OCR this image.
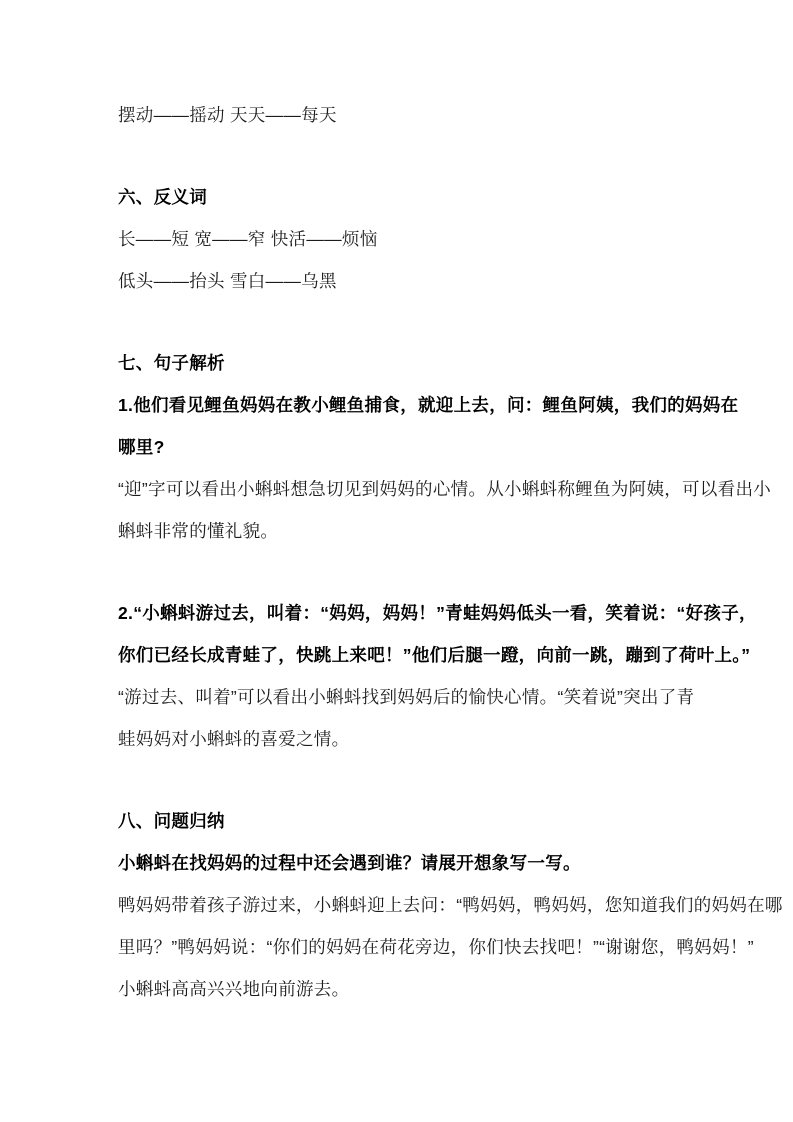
摆动——摇动 天天——每天
六、反义词
长——短 宽——窄 快活——烦恼
低头——抬头 雪白——乌黑
七、句子解析
1.他们看见鲤鱼妈妈在教小鲤鱼捕食，就迎上去，问：鲤鱼阿姨，我们的妈妈在
哪里?
“迎”字可以看出小蝌蚪想急切见到妈妈的心情。从小蝌蚪称鲤鱼为阿姨，可以看出小
蝌蚪非常的懂礼貌。
2.“小蝌蚪游过去，叫着：“妈妈，妈妈！”青蛙妈妈低头一看，笑着说：“好孩子，
你们已经长成青蛙了，快跳上来吧！”他们后腿一蹬，向前一跳，蹦到了荷叶上。”
“游过去、叫着”可以看出小蝌蚪找到妈妈后的愉快心情。“笑着说”突出了青
蛙妈妈对小蝌蚪的喜爱之情。
八、问题归纳
小蝌蚪在找妈妈的过程中还会遇到谁？请展开想象写一写。
鸭妈妈带着孩子游过来，小蝌蚪迎上去问：“鸭妈妈，鸭妈妈，您知道我们的妈妈在哪
里吗？”鸭妈妈说：“你们的妈妈在荷花旁边，你们快去找吧！”“谢谢您，鸭妈妈！”
小蝌蚪高高兴兴地向前游去。
